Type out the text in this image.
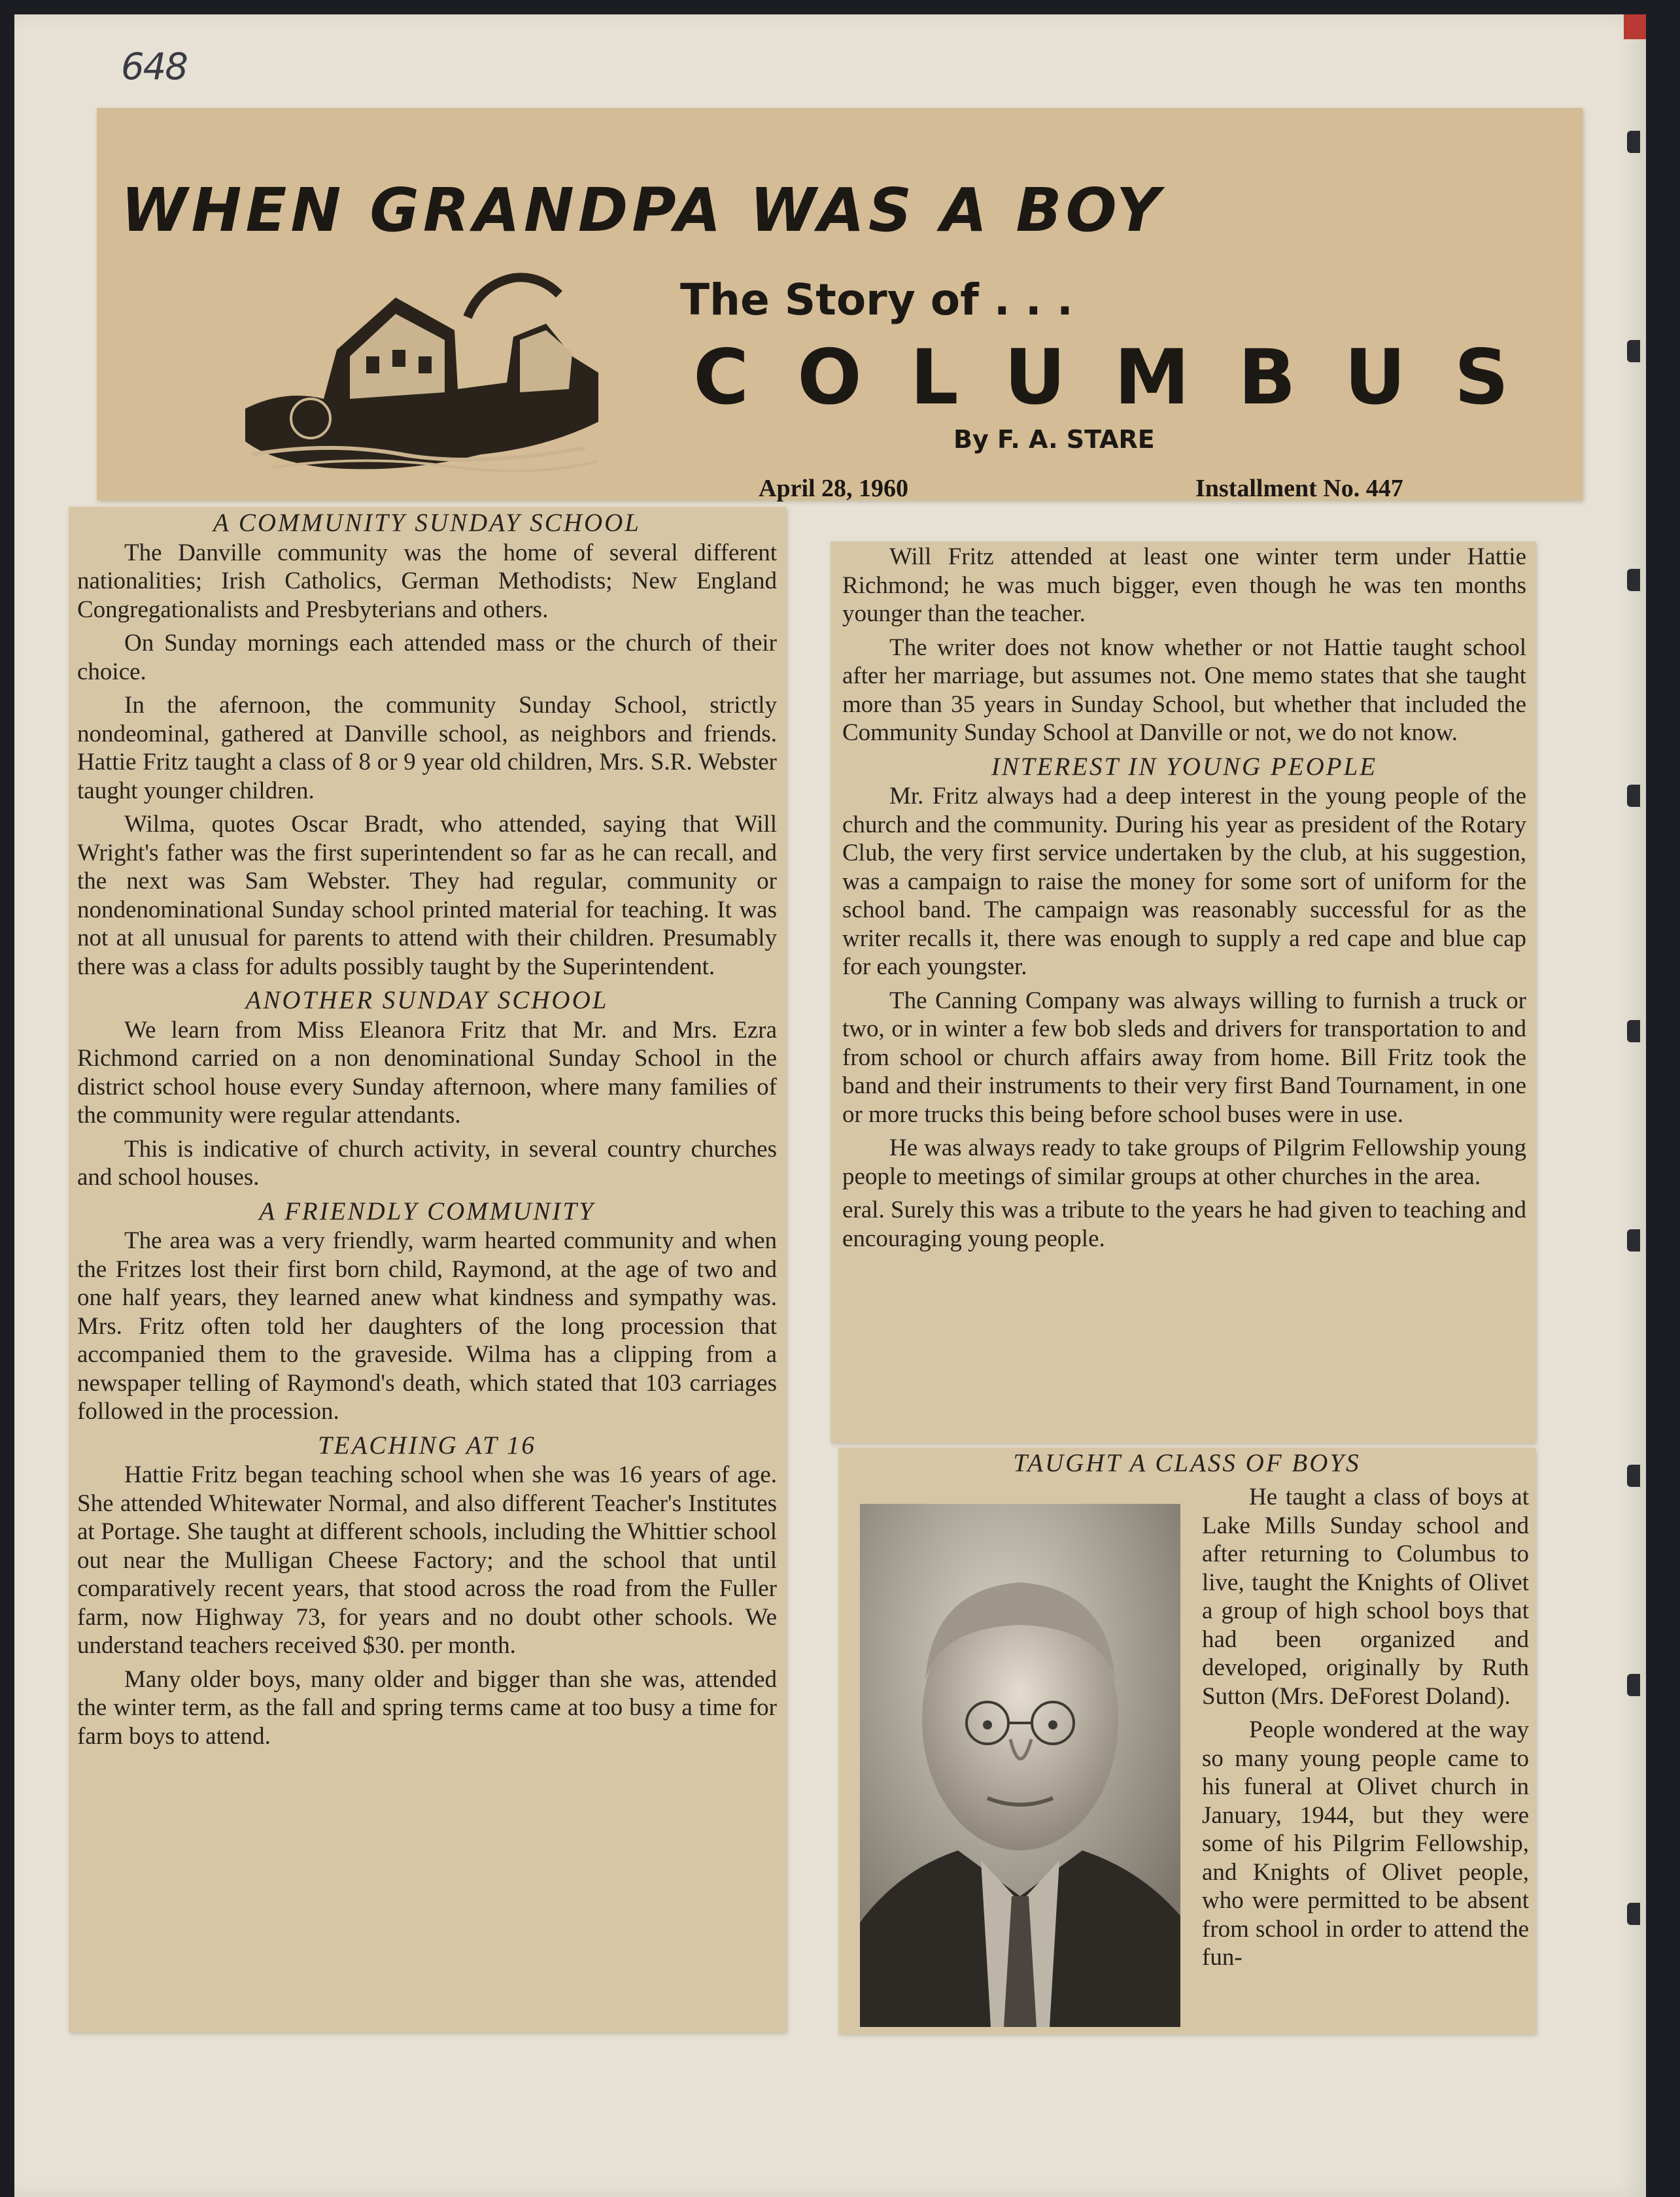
648
WHEN GRANDPA WAS A BOY
The Story of . . .
COLUMBUS
By F. A. STARE
April 28, 1960	Installment No. 447
A COMMUNITY SUNDAY SCHOOL

The Danville community was the home of several different nationalities; Irish Catholics, German Methodists; New England Congregationalists and Presbyterians and others.

On Sunday mornings each attended mass or the church of their choice.

In the afernoon, the community Sunday School, strictly nondeominal, gathered at Danville school, as neighbors and friends. Hattie Fritz taught a class of 8 or 9 year old children, Mrs. S.R. Webster taught younger children.

Wilma, quotes Oscar Bradt, who attended, saying that Will Wright's father was the first superintendent so far as he can recall, and the next was Sam Webster. They had regular, community or nondenominational Sunday school printed material for teaching. It was not at all unusual for parents to attend with their children. Presumably there was a class for adults possibly taught by the Superintendent.

ANOTHER SUNDAY SCHOOL

We learn from Miss Eleanora Fritz that Mr. and Mrs. Ezra Richmond carried on a non denominational Sunday School in the district school house every Sunday afternoon, where many families of the community were regular attendants.

This is indicative of church activity, in several country churches and school houses.

A FRIENDLY COMMUNITY

The area was a very friendly, warm hearted community and when the Fritzes lost their first born child, Raymond, at the age of two and one half years, they learned anew what kindness and sympathy was. Mrs. Fritz often told her daughters of the long procession that accompanied them to the graveside. Wilma has a clipping from a newspaper telling of Raymond's death, which stated that 103 carriages followed in the procession.

TEACHING AT 16

Hattie Fritz began teaching school when she was 16 years of age. She attended Whitewater Normal, and also different Teacher's Institutes at Portage. She taught at different schools, including the Whittier school out near the Mulligan Cheese Factory; and the school that until comparatively recent years, that stood across the road from the Fuller farm, now Highway 73, for years and no doubt other schools. We understand teachers received $30. per month.

Many older boys, many older and bigger than she was, attended the winter term, as the fall and spring terms came at too busy a time for farm boys to attend.

Will Fritz attended at least one winter term under Hattie Richmond; he was much bigger, even though he was ten months younger than the teacher.

The writer does not know whether or not Hattie taught school after her marriage, but assumes not. One memo states that she taught more than 35 years in Sunday School, but whether that included the Community Sunday School at Danville or not, we do not know.

INTEREST IN YOUNG PEOPLE

Mr. Fritz always had a deep interest in the young people of the church and the community. During his year as president of the Rotary Club, the very first service undertaken by the club, at his suggestion, was a campaign to raise the money for some sort of uniform for the school band. The campaign was reasonably successful for as the writer recalls it, there was enough to supply a red cape and blue cap for each youngster.

The Canning Company was always willing to furnish a truck or two, or in winter a few bob sleds and drivers for transportation to and from school or church affairs away from home. Bill Fritz took the band and their instruments to their very first Band Tournament, in one or more trucks this being before school buses were in use.

He was always ready to take groups of Pilgrim Fellowship young people to meetings of similar groups at other churches in the area.

eral. Surely this was a tribute to the years he had given to teaching and encouraging young people.

TAUGHT A CLASS OF BOYS

He taught a class of boys at Lake Mills Sunday school and after returning to Columbus to live, taught the Knights of Olivet a group of high school boys that had been organized and developed, originally by Ruth Sutton (Mrs. DeForest Doland).

People wondered at the way so many young people came to his funeral at Olivet church in January, 1944, but they were some of his Pilgrim Fellowship, and Knights of Olivet people, who were permitted to be absent from school in order to attend the fun-
